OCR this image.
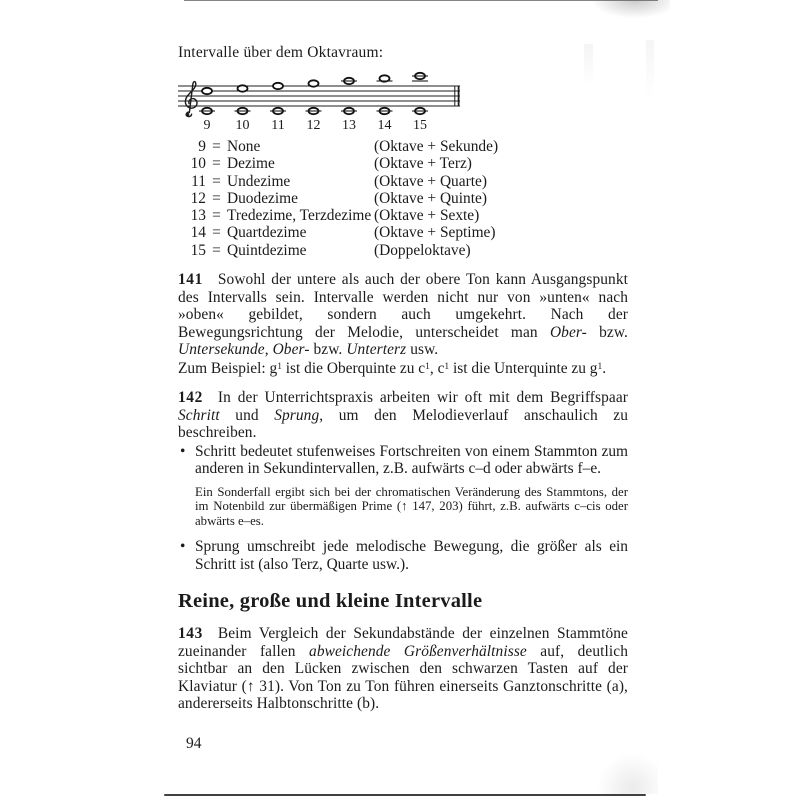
Intervalle über dem Oktavraum:
9 10 11 12 13 14 15
9 = None	(Oktave + Sekunde)
10 = Dezime	(Oktave + Terz)
11 = Undezime	(Oktave + Quarte)
12 = Duodezime	(Oktave + Quinte)
13 = Tredezime, Terzdezime (Oktave + Sexte)
14 = Quartdezime	(Oktave + Septime)
15 = Quintdezime	(Doppeloktave)
141 Sowohl der untere als auch der obere Ton kann Ausgangspunkt des Intervalls sein. Intervalle werden nicht nur von »unten« nach »oben« gebildet, sondern auch umgekehrt. Nach der Bewegungsrichtung der Melodie, unterscheidet man Ober- bzw. Untersekunde, Ober- bzw. Unterterz usw.
Zum Beispiel: $g^1$ ist die Oberquinte zu $c^1$, $c^1$ ist die Unterquinte zu $g^1$.
142 In der Unterrichtspraxis arbeiten wir oft mit dem Begriffspaar Schritt und Sprung, um den Melodieverlauf anschaulich zu beschreiben.
• Schritt bedeutet stufenweises Fortschreiten von einem Stammton zum anderen in Sekundintervallen, z.B. aufwärts c–d oder abwärts f–e.
Ein Sonderfall ergibt sich bei der chromatischen Veränderung des Stammtons, der im Notenbild zur übermäßigen Prime (↑ 147, 203) führt, z.B. aufwärts c–cis oder abwärts e–es.
• Sprung umschreibt jede melodische Bewegung, die größer als ein Schritt ist (also Terz, Quarte usw.).
Reine, große und kleine Intervalle
143 Beim Vergleich der Sekundabstände der einzelnen Stammtöne zueinander fallen abweichende Größenverhältnisse auf, deutlich sichtbar an den Lücken zwischen den schwarzen Tasten auf der Klaviatur (↑ 31). Von Ton zu Ton führen einerseits Ganztonschritte (a), andererseits Halbtonschritte (b).
94
